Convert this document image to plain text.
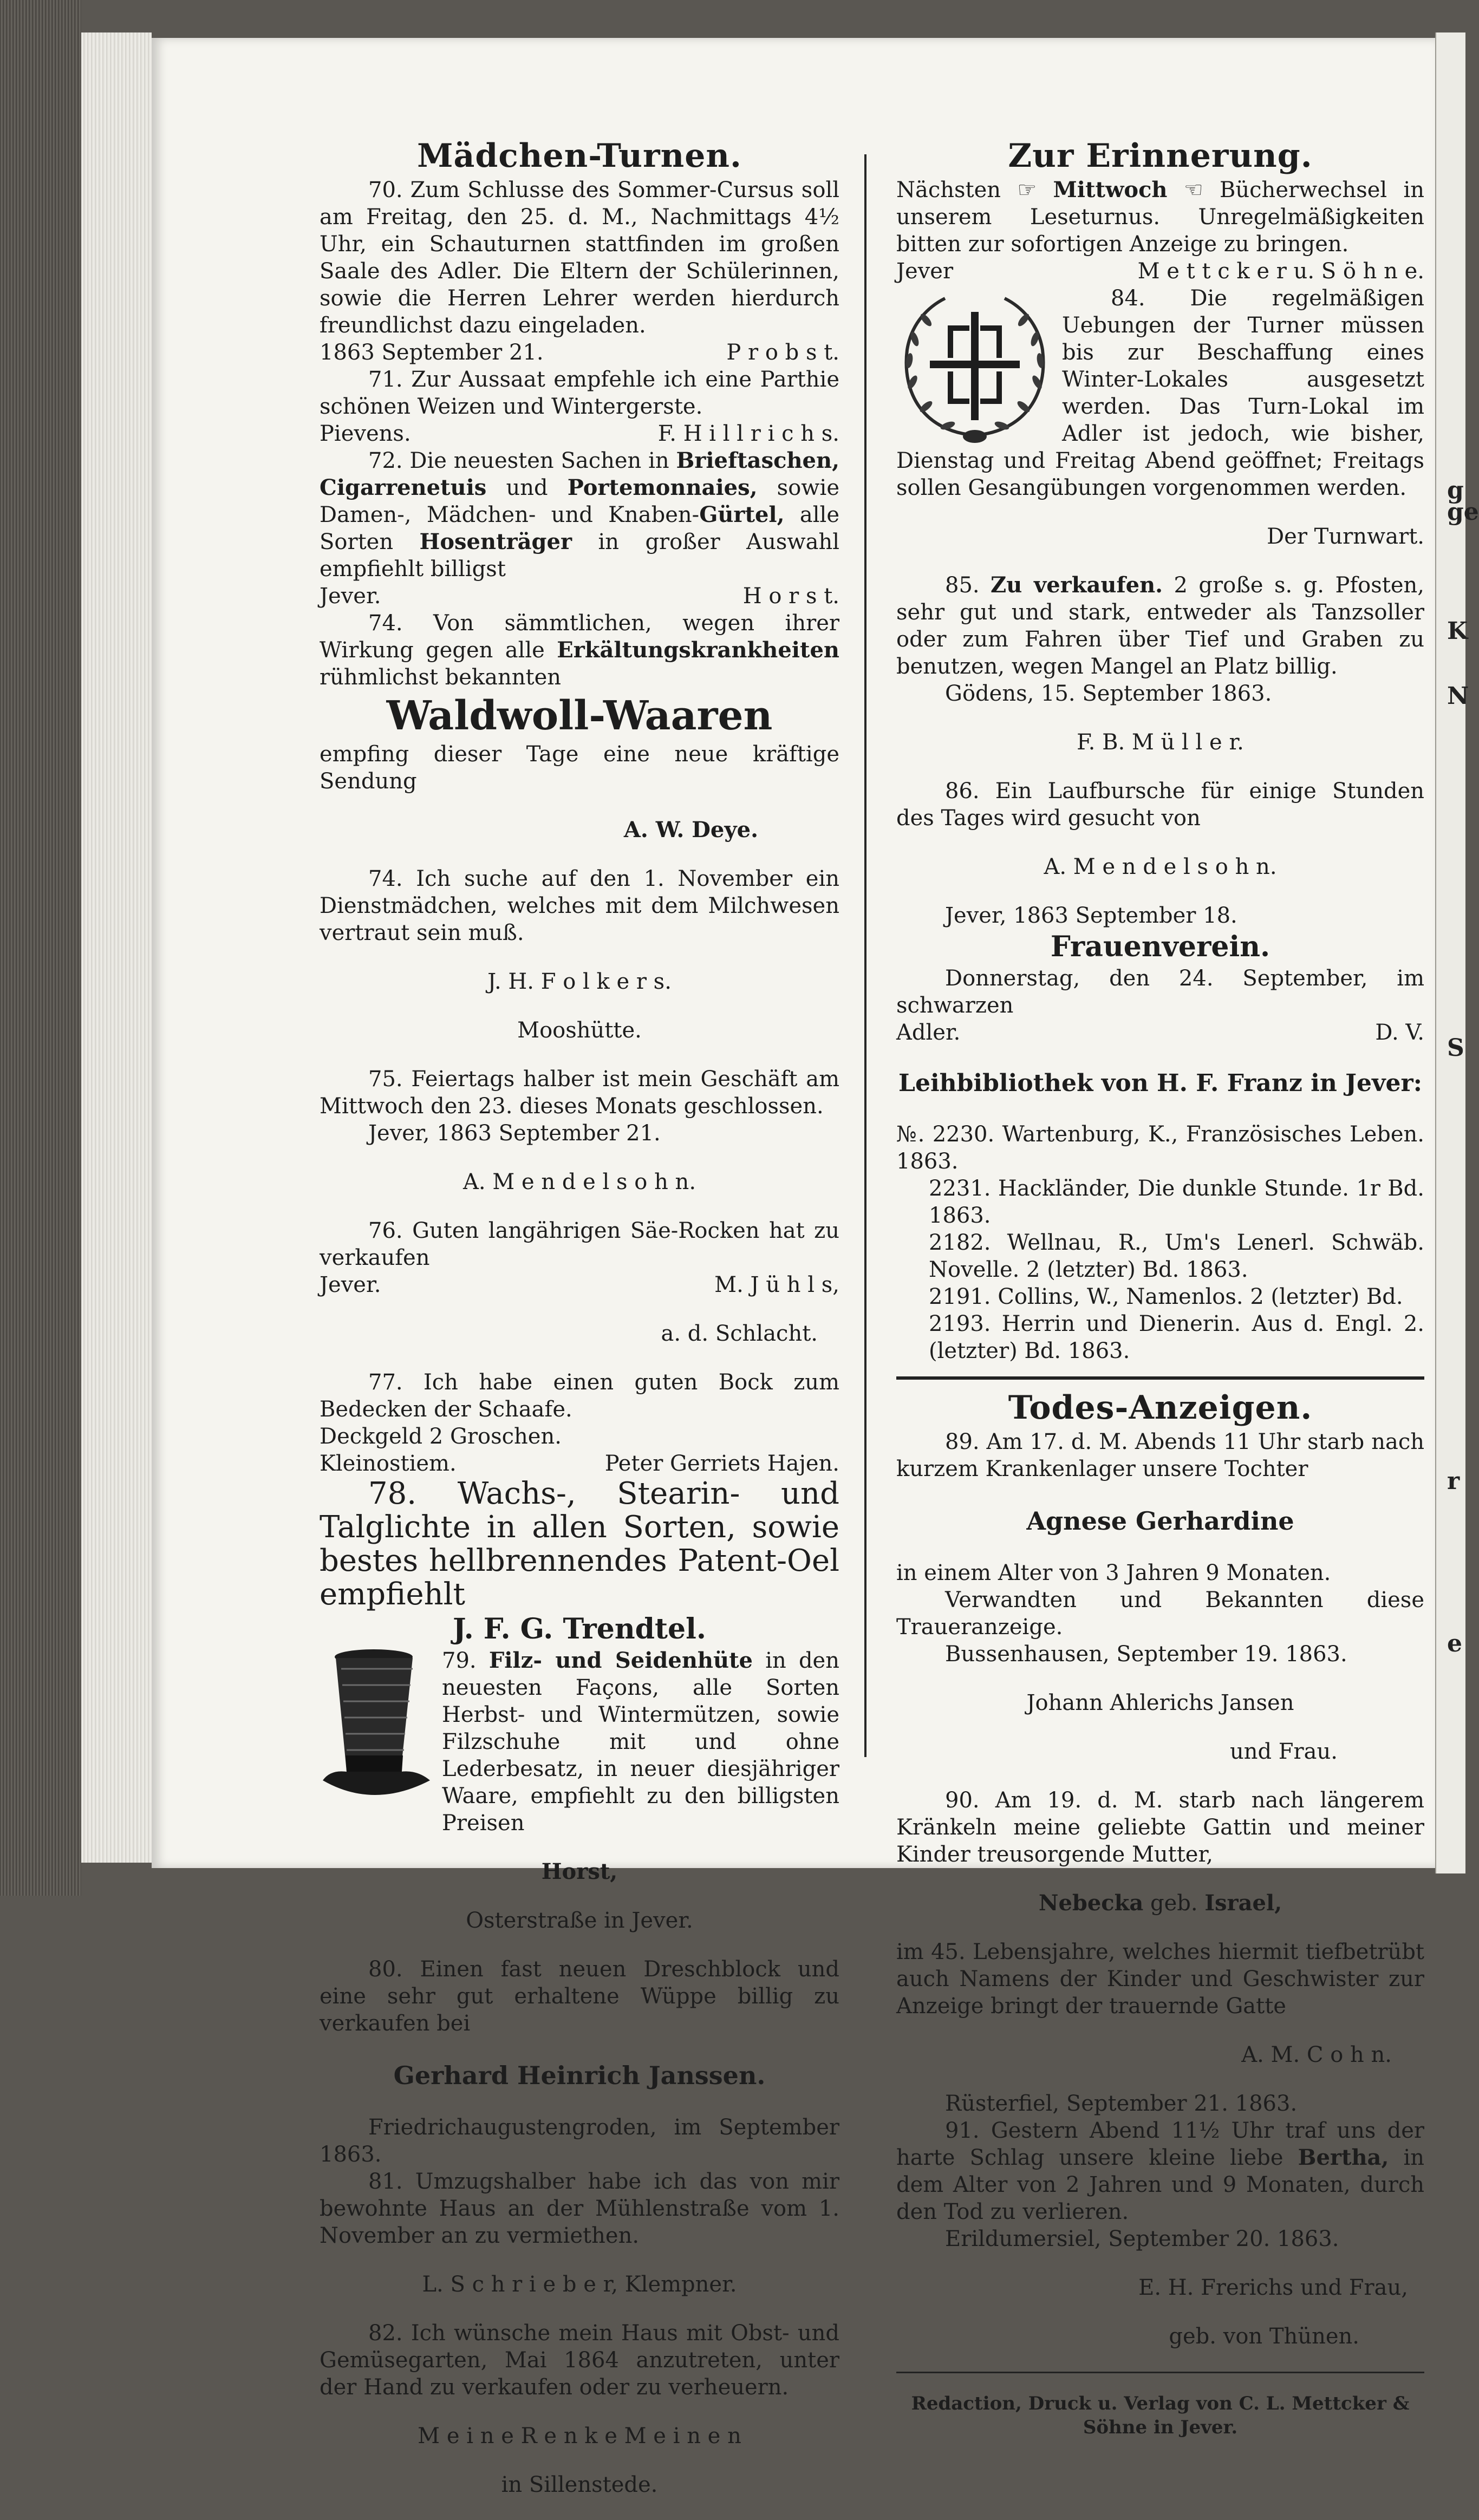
g
ge
K
N
S
r
e

Mädchen-Turnen.

70. Zum Schlusse des Sommer-Cursus soll am Freitag, den 25. d. M., Nachmittags 4½ Uhr, ein Schauturnen stattfinden im großen Saale des Adler. Die Eltern der Schülerinnen, sowie die Herren Lehrer werden hierdurch freundlichst dazu eingeladen.

1863 September 21.	P r o b s t.

71. Zur Aussaat empfehle ich eine Parthie schönen Weizen und Wintergerste.

Pievens.	F. H i l l r i c h s.

72. Die neuesten Sachen in Brieftaschen, Cigarrenetuis und Portemonnaies, sowie Damen-, Mädchen- und Knaben-Gürtel, alle Sorten Hosenträger in großer Auswahl empfiehlt billigst

Jever.	H o r s t.

74. Von sämmtlichen, wegen ihrer Wirkung gegen alle Erkältungskrankheiten rühmlichst bekannten

Waldwoll-Waaren

empfing dieser Tage eine neue kräftige Sendung

A. W. Deye.

74. Ich suche auf den 1. November ein Dienstmädchen, welches mit dem Milchwesen vertraut sein muß.

J. H. F o l k e r s.

Mooshütte.

75. Feiertags halber ist mein Geschäft am Mittwoch den 23. dieses Monats geschlossen.

Jever, 1863 September 21.

A. M e n d e l s o h n.

76. Guten langährigen Säe-Rocken hat zu verkaufen

Jever.	M. J ü h l s,

a. d. Schlacht.

77. Ich habe einen guten Bock zum Bedecken der Schaafe.

Deckgeld 2 Groschen.

Kleinostiem.	Peter Gerriets Hajen.

78. Wachs-, Stearin- und Talglichte in allen Sorten, sowie bestes hellbrennendes Patent-Oel empfiehlt

J. F. G. Trendtel.

79. Filz- und Seidenhüte in den neuesten Façons, alle Sorten Herbst- und Wintermützen, sowie Filzschuhe mit und ohne Lederbesatz, in neuer diesjähriger Waare, empfiehlt zu den billigsten Preisen

Horst,

Osterstraße in Jever.

80. Einen fast neuen Dreschblock und eine sehr gut erhaltene Wüppe billig zu verkaufen bei

Gerhard Heinrich Janssen.

Friedrichaugustengroden, im September 1863.

81. Umzugshalber habe ich das von mir bewohnte Haus an der Mühlenstraße vom 1. November an zu vermiethen.

L. S c h r i e b e r, Klempner.

82. Ich wünsche mein Haus mit Obst- und Gemüsegarten, Mai 1864 anzutreten, unter der Hand zu verkaufen oder zu verheuern.

M e i n e R e n k e M e i n e n

in Sillenstede.

Zur Erinnerung.

Nächsten ☞ Mittwoch ☜ Bücherwechsel in unserem Leseturnus. Unregelmäßigkeiten bitten zur sofortigen Anzeige zu bringen.

Jever	M e t t c k e r u. S ö h n e.

84. Die regelmäßigen Uebungen der Turner müssen bis zur Beschaffung eines Winter-Lokales ausgesetzt werden. Das Turn-Lokal im Adler ist jedoch, wie bisher, Dienstag und Freitag Abend geöffnet; Freitags sollen Gesangübungen vorgenommen werden.

Der Turnwart.

85. Zu verkaufen. 2 große s. g. Pfosten, sehr gut und stark, entweder als Tanzsoller oder zum Fahren über Tief und Graben zu benutzen, wegen Mangel an Platz billig.

Gödens, 15. September 1863.

F. B. M ü l l e r.

86. Ein Laufbursche für einige Stunden des Tages wird gesucht von

A. M e n d e l s o h n.

Jever, 1863 September 18.

Frauenverein.

Donnerstag, den 24. September, im schwarzen

Adler.	D. V.

Leihbibliothek von H. F. Franz in Jever:

№. 2230. Wartenburg, K., Französisches Leben. 1863.

2231. Hackländer, Die dunkle Stunde. 1r Bd. 1863.

2182. Wellnau, R., Um's Lenerl. Schwäb. Novelle. 2 (letzter) Bd. 1863.

2191. Collins, W., Namenlos. 2 (letzter) Bd.

2193. Herrin und Dienerin. Aus d. Engl. 2. (letzter) Bd. 1863.

Todes-Anzeigen.

89. Am 17. d. M. Abends 11 Uhr starb nach kurzem Krankenlager unsere Tochter

Agnese Gerhardine

in einem Alter von 3 Jahren 9 Monaten.

Verwandten und Bekannten diese Traueranzeige.

Bussenhausen, September 19. 1863.

Johann Ahlerichs Jansen

und Frau.

90. Am 19. d. M. starb nach längerem Kränkeln meine geliebte Gattin und meiner Kinder treusorgende Mutter,

Nebecka geb. Israel,

im 45. Lebensjahre, welches hiermit tiefbetrübt auch Namens der Kinder und Geschwister zur Anzeige bringt der trauernde Gatte

A. M. C o h n.

Rüsterfiel, September 21. 1863.

91. Gestern Abend 11½ Uhr traf uns der harte Schlag unsere kleine liebe Bertha, in dem Alter von 2 Jahren und 9 Monaten, durch den Tod zu verlieren.

Erildumersiel, September 20. 1863.

E. H. Frerichs und Frau,

geb. von Thünen.

Redaction, Druck u. Verlag von C. L. Mettcker & Söhne in Jever.
